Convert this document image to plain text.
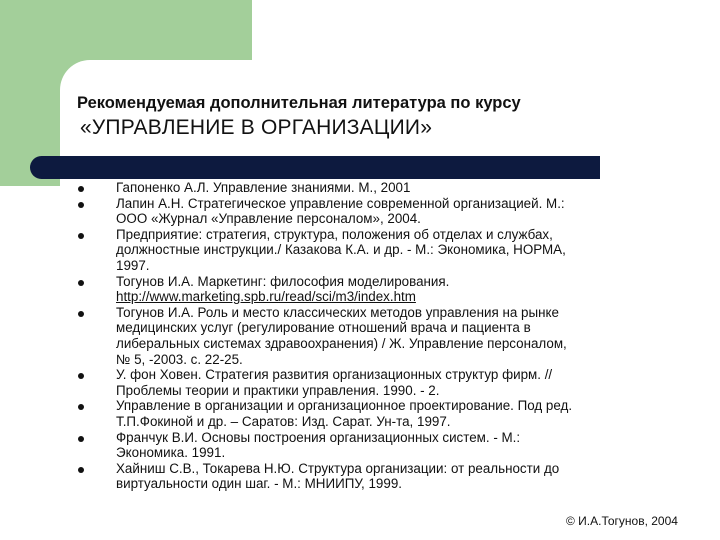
Рекомендуемая дополнительная литература по курсу
«УПРАВЛЕНИЕ В ОРГАНИЗАЦИИ»
Гапоненко А.Л. Управление знаниями. М., 2001
Лапин А.Н. Стратегическое управление современной организацией. М.:
ООО «Журнал «Управление персоналом», 2004.
Предприятие: стратегия, структура, положения об отделах и службах,
должностные инструкции./ Казакова К.А. и др. - М.: Экономика, НОРМА,
1997.
Тогунов И.А. Маркетинг: философия моделирования.
http://www.marketing.spb.ru/read/sci/m3/index.htm
Тогунов И.А. Роль и место классических методов управления на рынке
медицинских услуг (регулирование отношений врача и пациента в
либеральных системах здравоохранения) / Ж. Управление персоналом,
№ 5, -2003. с. 22-25.
У. фон Ховен. Стратегия развития организационных структур фирм. //
Проблемы теории и практики управления. 1990. - 2.
Управление в организации и организационное проектирование. Под ред.
Т.П.Фокиной и др. – Саратов: Изд. Сарат. Ун-та, 1997.
Франчук В.И. Основы построения организационных систем. - М.:
Экономика. 1991.
Хайниш С.В., Токарева Н.Ю. Структура организации: от реальности до
виртуальности один шаг. - М.: МНИИПУ, 1999.
© И.А.Тогунов, 2004
